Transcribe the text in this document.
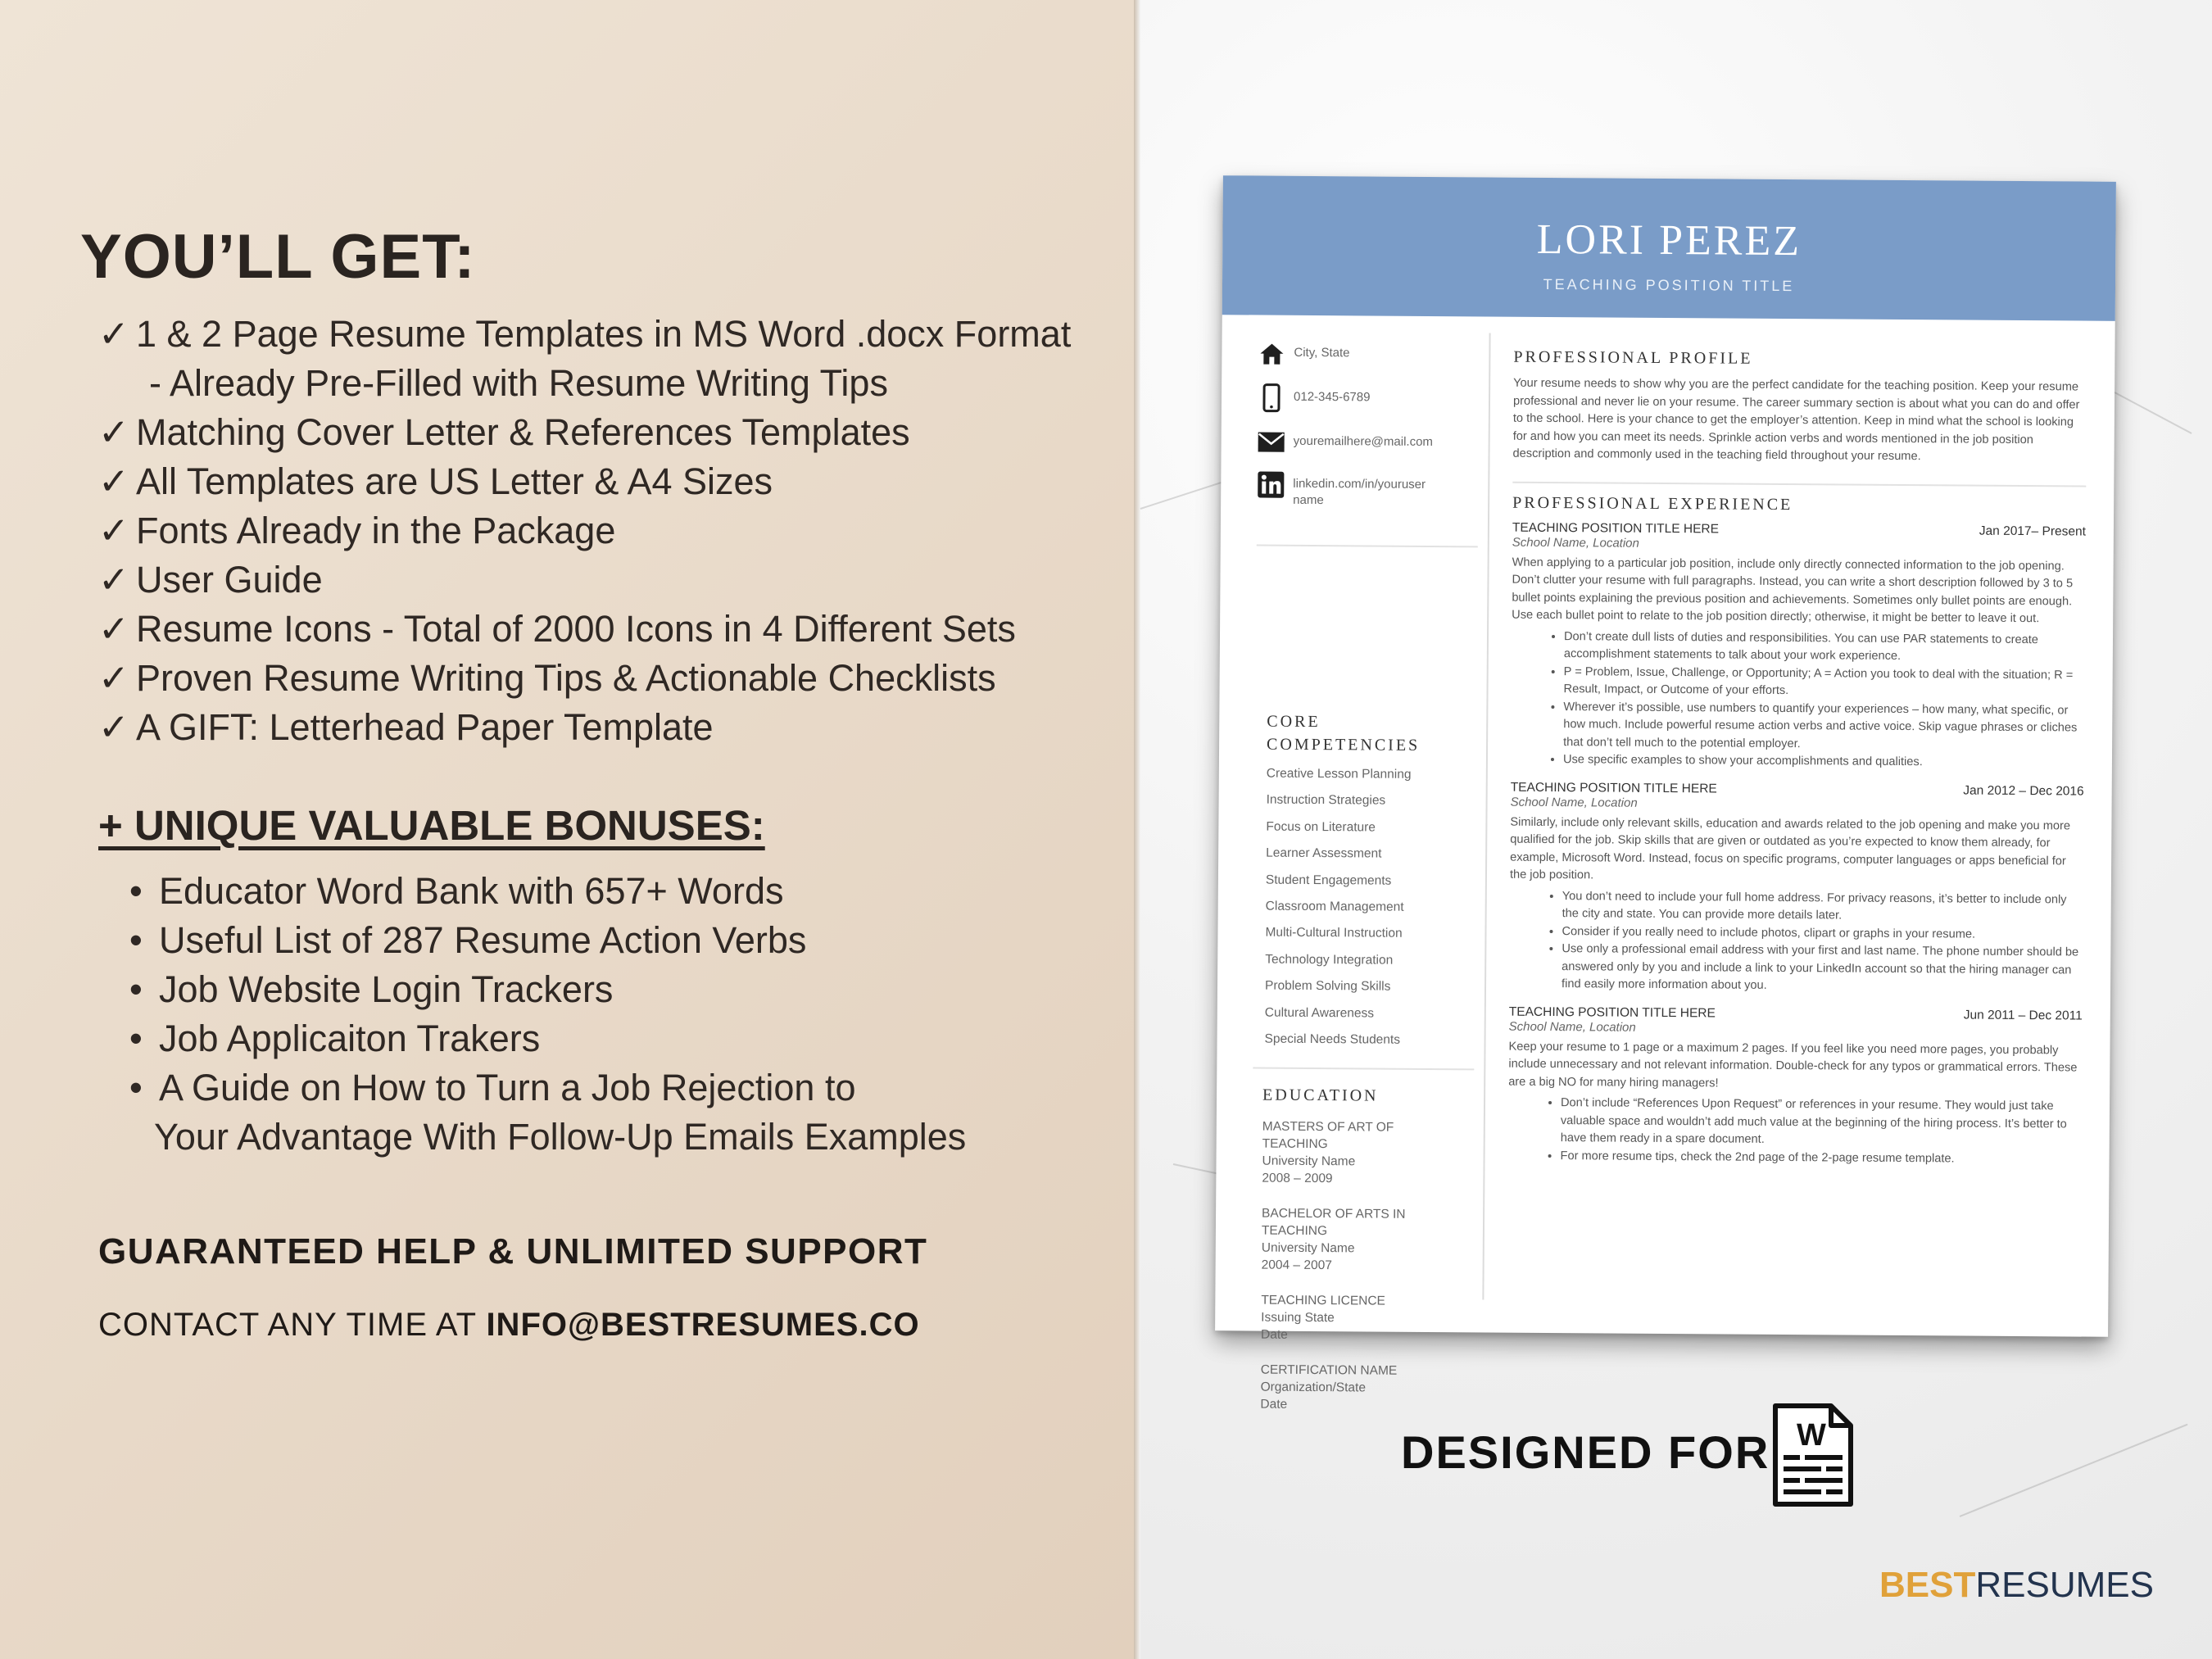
YOU’LL GET:
✓ 1 & 2 Page Resume Templates in MS Word .docx Format
- Already Pre-Filled with Resume Writing Tips
✓ Matching Cover Letter & References Templates
✓ All Templates are US Letter & A4 Sizes
✓ Fonts Already in the Package
✓ User Guide
✓ Resume Icons - Total of 2000 Icons in 4 Different Sets
✓ Proven Resume Writing Tips & Actionable Checklists
✓ A GIFT: Letterhead Paper Template
+ UNIQUE VALUABLE BONUSES:
• Educator Word Bank with 657+ Words
• Useful List of 287 Resume Action Verbs
• Job Website Login Trackers
• Job Applicaiton Trakers
• A Guide on How to Turn a Job Rejection to
Your Advantage With Follow-Up Emails Examples
GUARANTEED HELP & UNLIMITED SUPPORT
CONTACT ANY TIME AT INFO@BESTRESUMES.CO
LORI PEREZ
TEACHING POSITION TITLE
City, State
012-345-6789
youremailhere@mail.com
linkedin.com/in/youruser name
CORE COMPETENCIES
Creative Lesson Planning
Instruction Strategies
Focus on Literature
Learner Assessment
Student Engagements
Classroom Management
Multi-Cultural Instruction
Technology Integration
Problem Solving Skills
Cultural Awareness
Special Needs Students
EDUCATION

MASTERS OF ART OF TEACHING

University Name

2008 – 2009

BACHELOR OF ARTS IN TEACHING

University Name

2004 – 2007

TEACHING LICENCE

Issuing State

Date

CERTIFICATION NAME

Organization/State

Date

PROFESSIONAL PROFILE

Your resume needs to show why you are the perfect candidate for the teaching position. Keep your resume professional and never lie on your resume. The career summary section is about what you can do and offer to the school. Here is your chance to get the employer’s attention. Keep in mind what the school is looking for and how you can meet its needs. Sprinkle action verbs and words mentioned in the job position description and commonly used in the teaching field throughout your resume.

PROFESSIONAL EXPERIENCE
TEACHING POSITION TITLE HERE	Jan 2017– Present
School Name, Location

When applying to a particular job position, include only directly connected information to the job opening. Don’t clutter your resume with full paragraphs. Instead, you can write a short description followed by 3 to 5 bullet points explaining the previous position and achievements. Sometimes only bullet points are enough. Use each bullet point to relate to the job position directly; otherwise, it might be better to leave it out.

• Don’t create dull lists of duties and responsibilities. You can use PAR statements to create accomplishment statements to talk about your work experience.
• P = Problem, Issue, Challenge, or Opportunity; A = Action you took to deal with the situation; R = Result, Impact, or Outcome of your efforts.
• Wherever it’s possible, use numbers to quantify your experiences – how many, what specific, or how much. Include powerful resume action verbs and active voice. Skip vague phrases or cliches that don’t tell much to the potential employer.
• Use specific examples to show your accomplishments and qualities.
TEACHING POSITION TITLE HERE	Jan 2012 – Dec 2016
School Name, Location

Similarly, include only relevant skills, education and awards related to the job opening and make you more qualified for the job. Skip skills that are given or outdated as you’re expected to know them already, for example, Microsoft Word. Instead, focus on specific programs, computer languages or apps beneficial for the job position.

• You don’t need to include your full home address. For privacy reasons, it’s better to include only the city and state. You can provide more details later.
• Consider if you really need to include photos, clipart or graphs in your resume.
• Use only a professional email address with your first and last name. The phone number should be answered only by you and include a link to your LinkedIn account so that the hiring manager can find easily more information about you.
TEACHING POSITION TITLE HERE	Jun 2011 – Dec 2011
School Name, Location

Keep your resume to 1 page or a maximum 2 pages. If you feel like you need more pages, you probably include unnecessary and not relevant information. Double-check for any typos or grammatical errors. These are a big NO for many hiring managers!

• Don’t include “References Upon Request” or references in your resume. They would just take valuable space and wouldn’t add much value at the beginning of the hiring process. It’s better to have them ready in a spare document.
• For more resume tips, check the 2nd page of the 2-page resume template.
DESIGNED FOR W
BESTRESUMES
